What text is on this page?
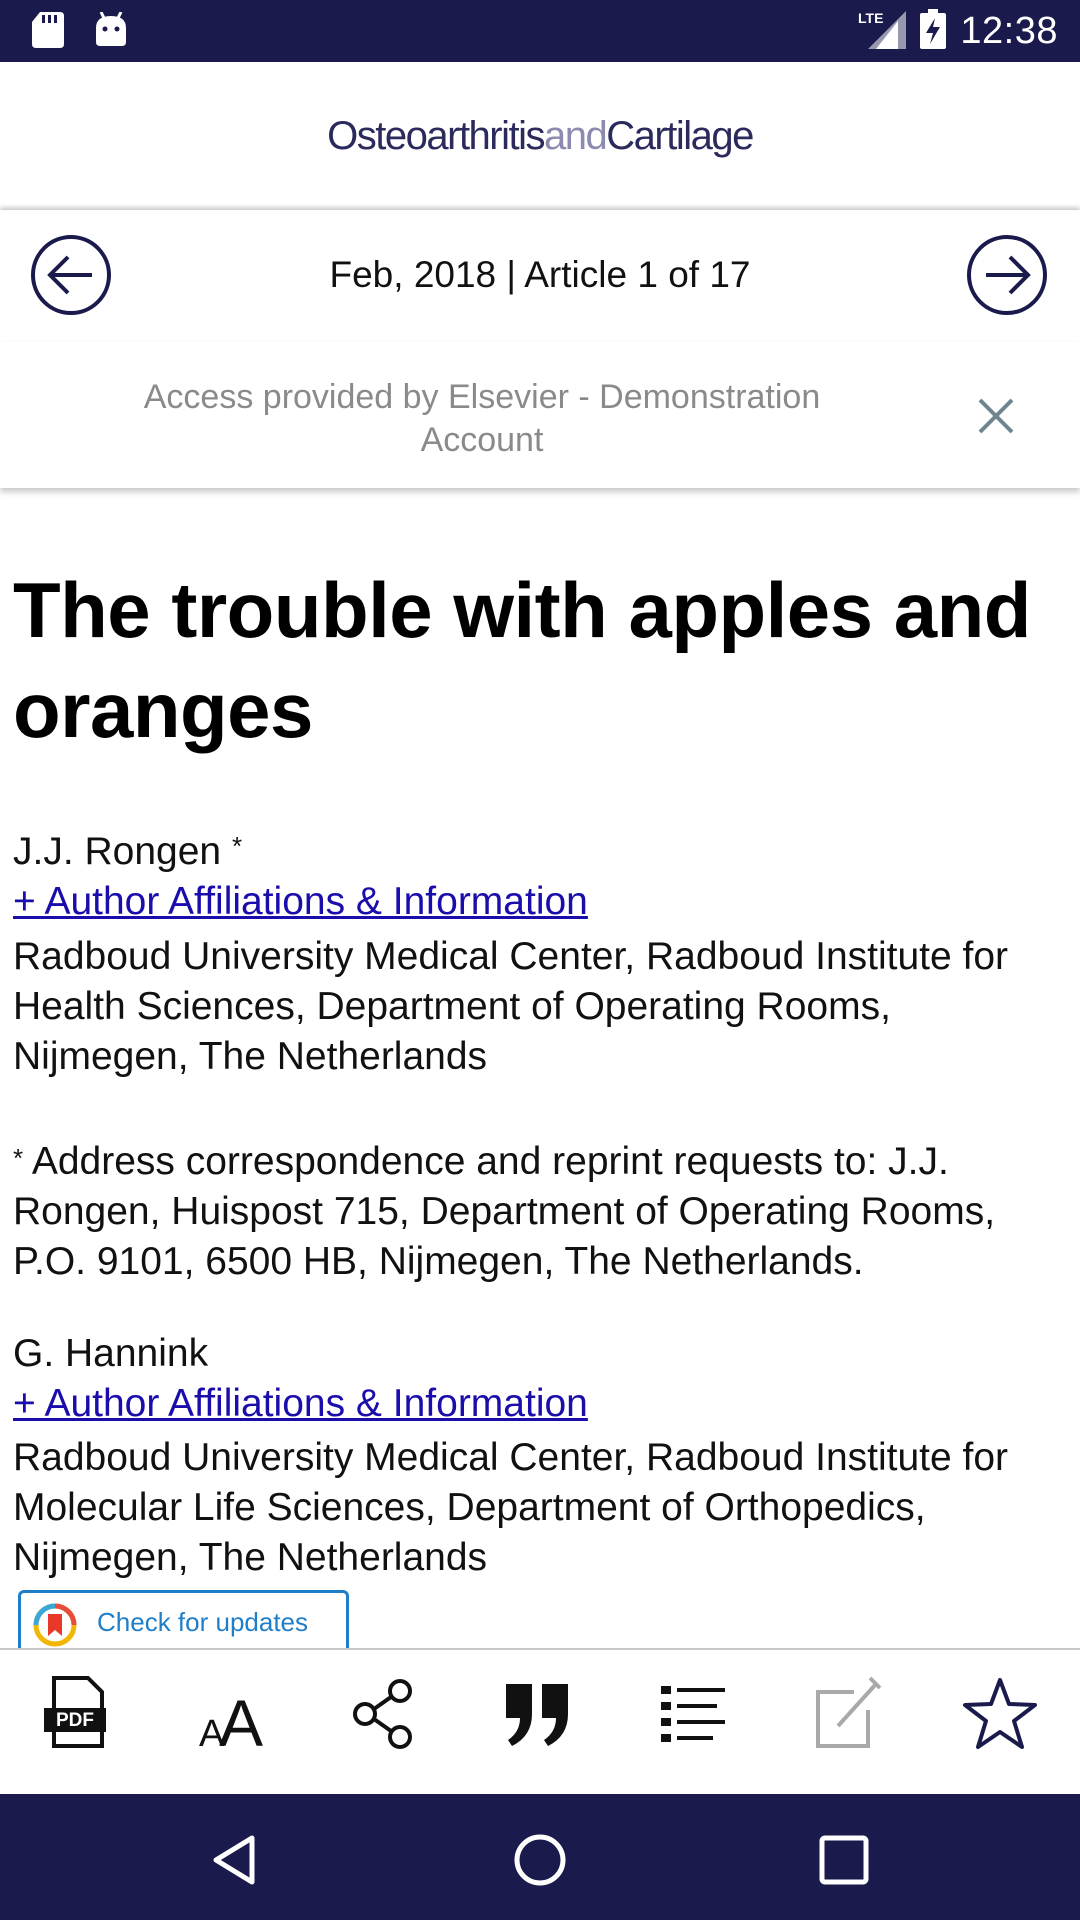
LTE 12:38
OsteoarthritisandCartilage
Feb, 2018 | Article 1 of 17
Access provided by Elsevier - Demonstration Account
The trouble with apples and oranges
J.J. Rongen *
+ Author Affiliations & Information
Radboud University Medical Center, Radboud Institute for Health Sciences, Department of Operating Rooms, Nijmegen, The Netherlands
* Address correspondence and reprint requests to: J.J. Rongen, Huispost 715, Department of Operating Rooms, P.O. 9101, 6500 HB, Nijmegen, The Netherlands.
G. Hannink
+ Author Affiliations & Information
Radboud University Medical Center, Radboud Institute for Molecular Life Sciences, Department of Orthopedics, Nijmegen, The Netherlands
Check for updates
PDF	A
A
